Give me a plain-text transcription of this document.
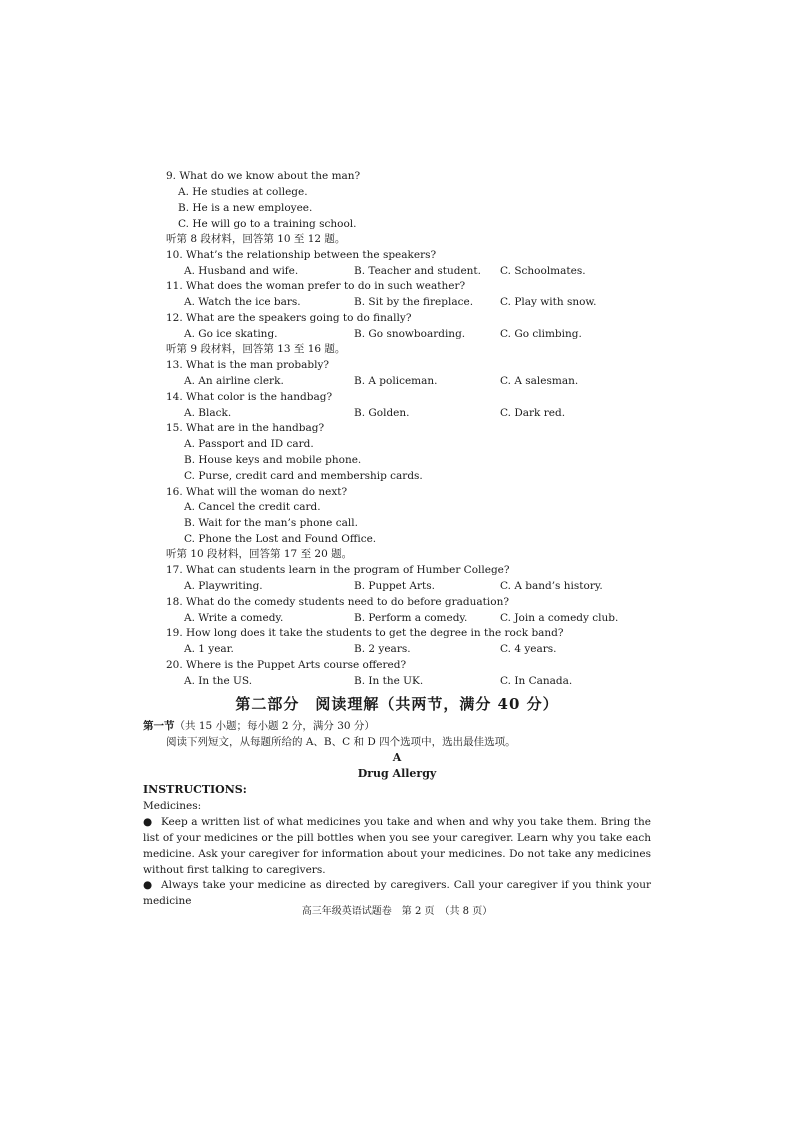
9. What do we know about the man?
A. He studies at college.
B. He is a new employee.
C. He will go to a training school.
听第 8 段材料，回答第 10 至 12 题。
10. What’s the relationship between the speakers?
A. Husband and wife.	B. Teacher and student. C. Schoolmates.
11. What does the woman prefer to do in such weather?
A. Watch the ice bars.	B. Sit by the fireplace.	C. Play with snow.
12. What are the speakers going to do finally?
A. Go ice skating.	B. Go snowboarding.	C. Go climbing.
听第 9 段材料，回答第 13 至 16 题。
13. What is the man probably?
A. An airline clerk.	B. A policeman.	C. A salesman.
14. What color is the handbag?
A. Black.	B. Golden.	C. Dark red.
15. What are in the handbag?
A. Passport and ID card.
B. House keys and mobile phone.
C. Purse, credit card and membership cards.
16. What will the woman do next?
A. Cancel the credit card.
B. Wait for the man’s phone call.
C. Phone the Lost and Found Office.
听第 10 段材料，回答第 17 至 20 题。
17. What can students learn in the program of Humber College?
A. Playwriting.	B. Puppet Arts.	C. A band’s history.
18. What do the comedy students need to do before graduation?
A. Write a comedy.	B. Perform a comedy.	C. Join a comedy club.
19. How long does it take the students to get the degree in the rock band?
A. 1 year.	B. 2 years.	C. 4 years.
20. Where is the Puppet Arts course offered?
A. In the US.	B. In the UK.	C. In Canada.
第二部分　阅读理解（共两节，满分 40 分）
第一节（共 15 小题；每小题 2 分，满分 30 分）
阅读下列短文，从每题所给的 A、B、C 和 D 四个选项中，选出最佳选项。
A
Drug Allergy
INSTRUCTIONS:
Medicines:
● Keep a written list of what medicines you take and when and why you take them. Bring the list of your medicines or the pill bottles when you see your caregiver. Learn why you take each medicine. Ask your caregiver for information about your medicines. Do not take any medicines without first talking to caregivers.
● Always take your medicine as directed by caregivers. Call your caregiver if you think your medicine
高三年级英语试题卷　第 2 页　（共 8 页）
